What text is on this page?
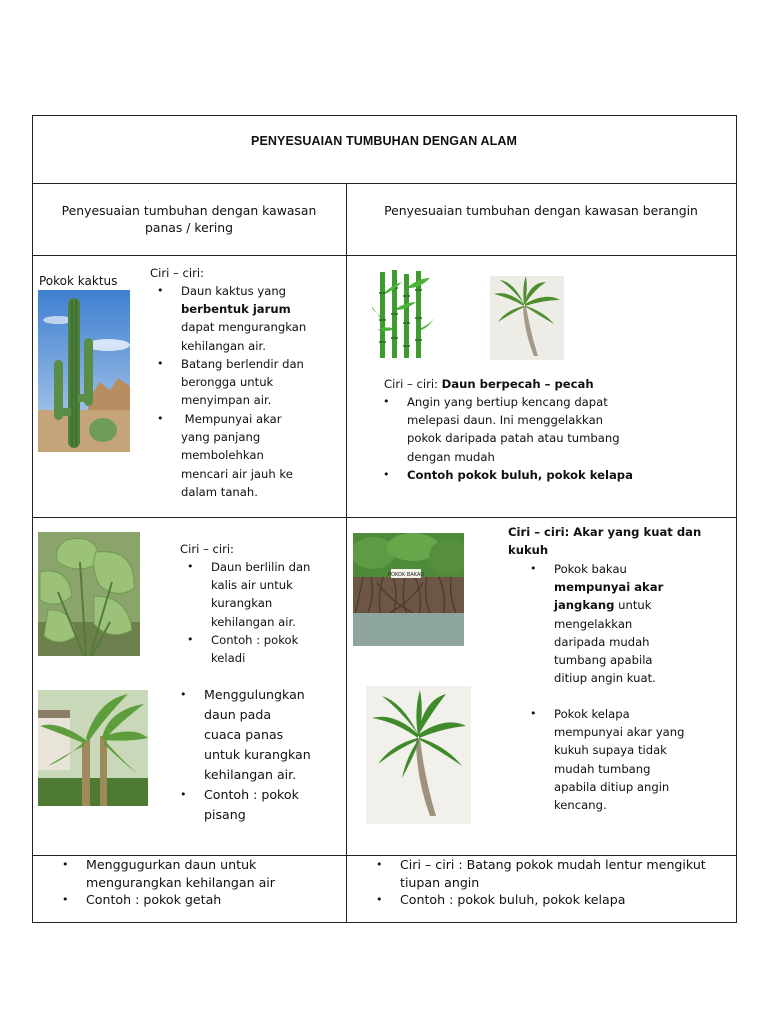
PENYESUAIAN TUMBUHAN DENGAN ALAM
Penyesuaian tumbuhan dengan kawasan
panas / kering
Penyesuaian tumbuhan dengan kawasan berangin
Pokok kaktus
Ciri – ciri:
• Daun kaktus yang
berbentuk jarum
dapat mengurangkan
kehilangan air.
• Batang berlendir dan
berongga untuk
menyimpan air.
• Mempunyai akar
yang panjang
membolehkan
mencari air jauh ke
dalam tanah.
Ciri – ciri: Daun berpecah – pecah
• Angin yang bertiup kencang dapat
melepasi daun. Ini menggelakkan
pokok daripada patah atau tumbang
dengan mudah
• Contoh pokok buluh, pokok kelapa
Ciri – ciri:
• Daun berlilin dan
kalis air untuk
kurangkan
kehilangan air.
• Contoh : pokok
keladi
• Menggulungkan
daun pada
cuaca panas
untuk kurangkan
kehilangan air.
• Contoh : pokok
pisang
Ciri – ciri: Akar yang kuat dan
kukuh
POKOK BAKAU	• Pokok bakau
mempunyai akar
jangkang untuk
mengelakkan
daripada mudah
tumbang apabila
ditiup angin kuat.
• Pokok kelapa
mempunyai akar yang
kukuh supaya tidak
mudah tumbang
apabila ditiup angin
kencang.
• Menggugurkan daun untuk
mengurangkan kehilangan air
• Contoh : pokok getah
• Ciri – ciri : Batang pokok mudah lentur mengikut
tiupan angin
• Contoh : pokok buluh, pokok kelapa
